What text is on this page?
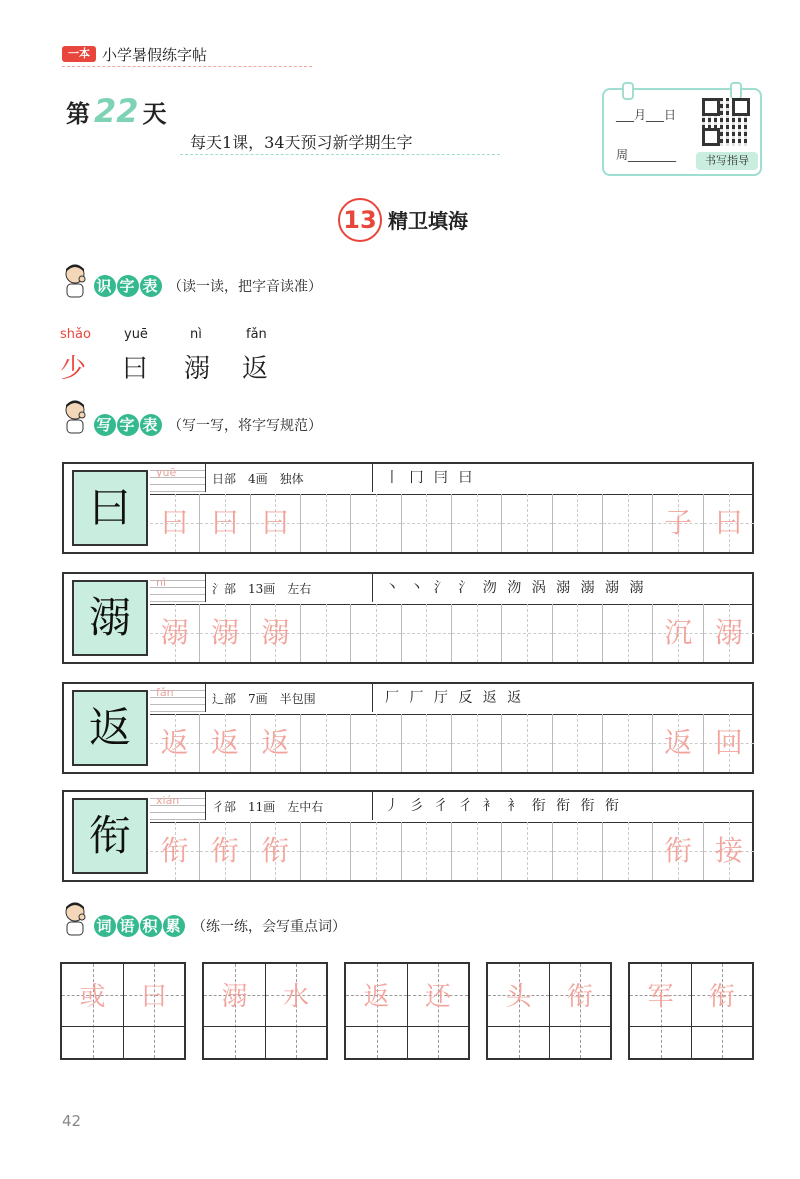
一本 小学暑假练字帖
第 22 天
每天1课，34天预习新学期生字
___月___日
周________	书写指导
13 精卫填海
识 字 表 （读一读，把字音读准）
shǎo	yuē	nì	fǎn
少 曰 溺 返
写 字 表 （写一写，将字写规范）
曰
yuē	日部　4画　独体	丨 冂 冃 曰
曰 曰 曰	子 曰
溺
nì	氵部　13画　左右	丶 丶 氵 氵 沕 沕 涡 溺 溺 溺 溺
溺 溺 溺	沉 溺
返
fǎn	辶部　7画　半包围	厂 厂 厅 反 返 返
返 返 返	返 回
衔
xián	彳部　11画　左中右	丿 彡 彳 彳 衤 衤 衔 衔 衔 衔
衔 衔 衔	衔 接
词 语 积 累 （练一练，会写重点词）
或	曰	溺	水	返	还	头	衔	军	衔
42
